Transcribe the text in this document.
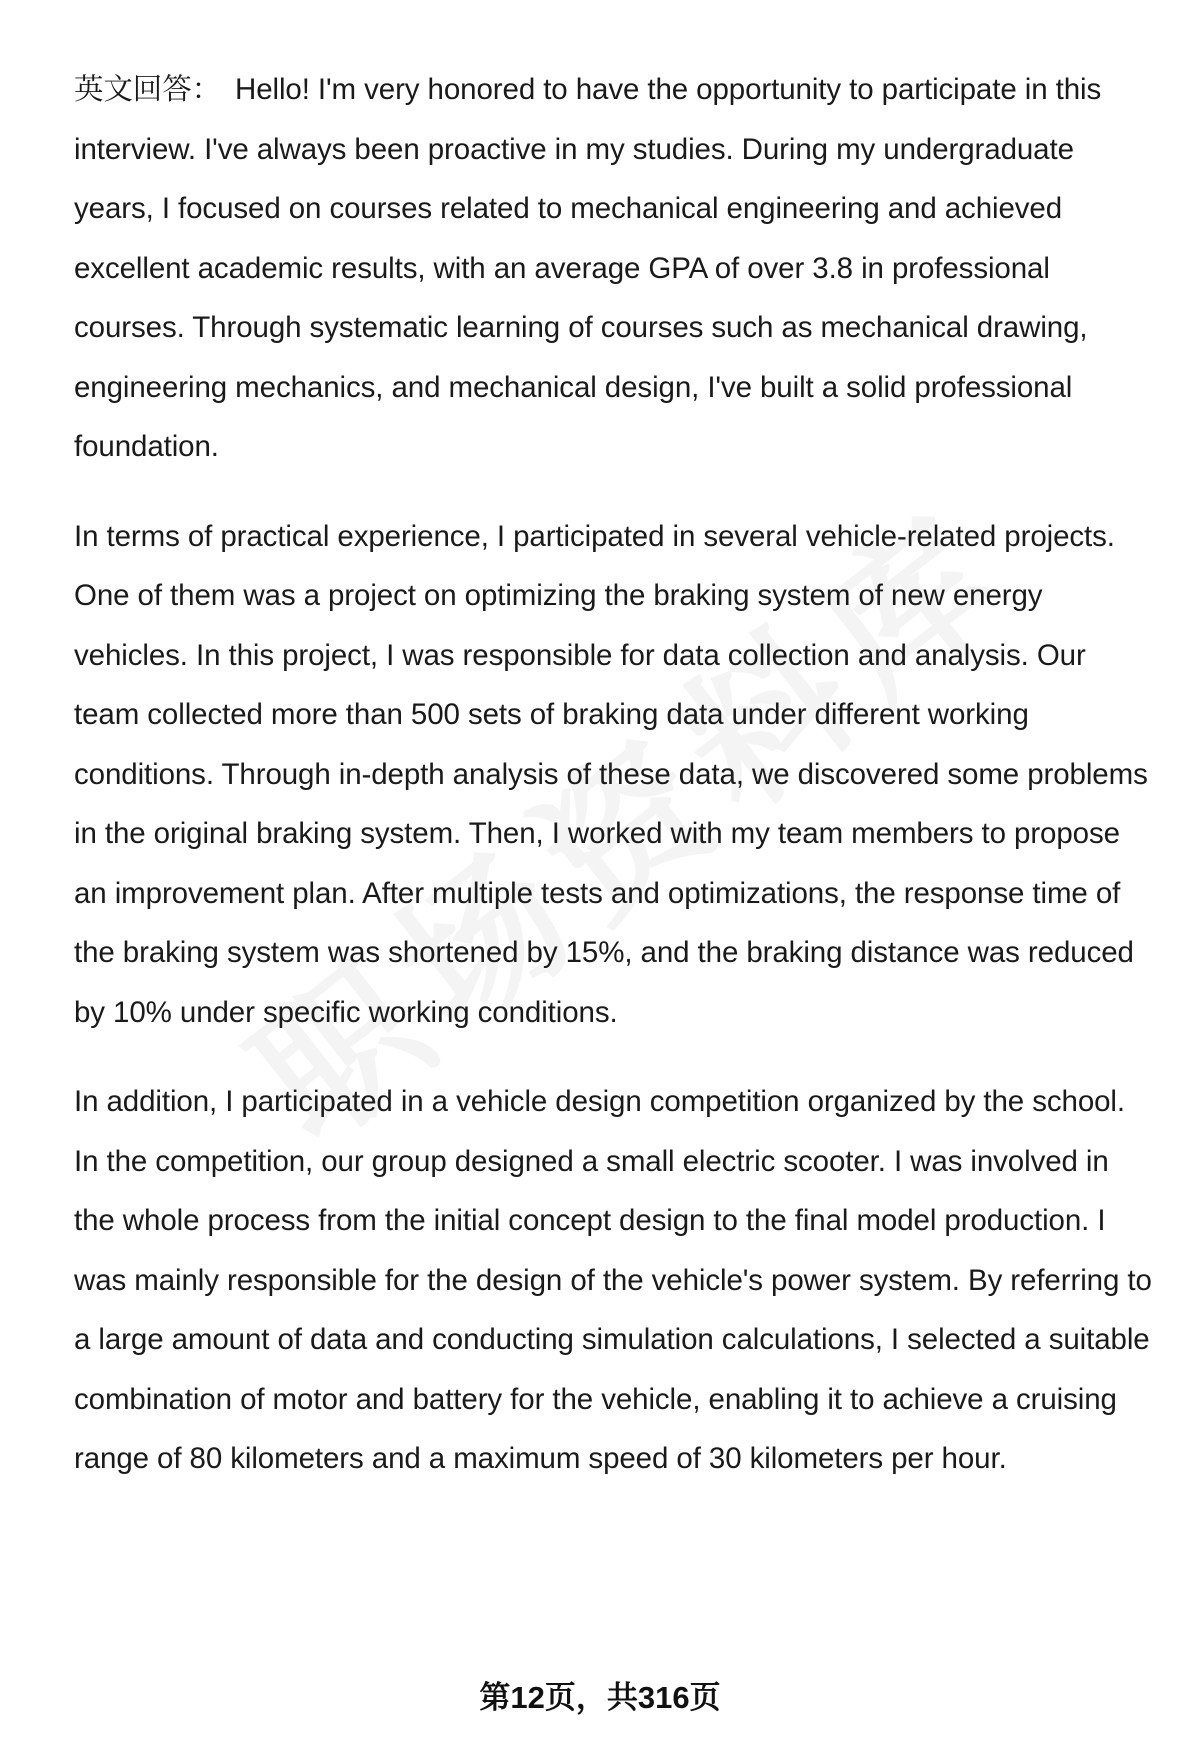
英文回答： Hello! I'm very honored to have the opportunity to participate in this interview. I've always been proactive in my studies. During my undergraduate years, I focused on courses related to mechanical engineering and achieved excellent academic results, with an average GPA of over 3.8 in professional courses. Through systematic learning of courses such as mechanical drawing, engineering mechanics, and mechanical design, I've built a solid professional foundation.

In terms of practical experience, I participated in several vehicle-related projects. One of them was a project on optimizing the braking system of new energy vehicles. In this project, I was responsible for data collection and analysis. Our team collected more than 500 sets of braking data under different working conditions. Through in-depth analysis of these data, we discovered some problems in the original braking system. Then, I worked with my team members to propose an improvement plan. After multiple tests and optimizations, the response time of the braking system was shortened by 15%, and the braking distance was reduced by 10% under specific working conditions.

In addition, I participated in a vehicle design competition organized by the school. In the competition, our group designed a small electric scooter. I was involved in the whole process from the initial concept design to the final model production. I was mainly responsible for the design of the vehicle's power system. By referring to a large amount of data and conducting simulation calculations, I selected a suitable combination of motor and battery for the vehicle, enabling it to achieve a cruising range of 80 kilometers and a maximum speed of 30 kilometers per hour.

第12页，共316页
